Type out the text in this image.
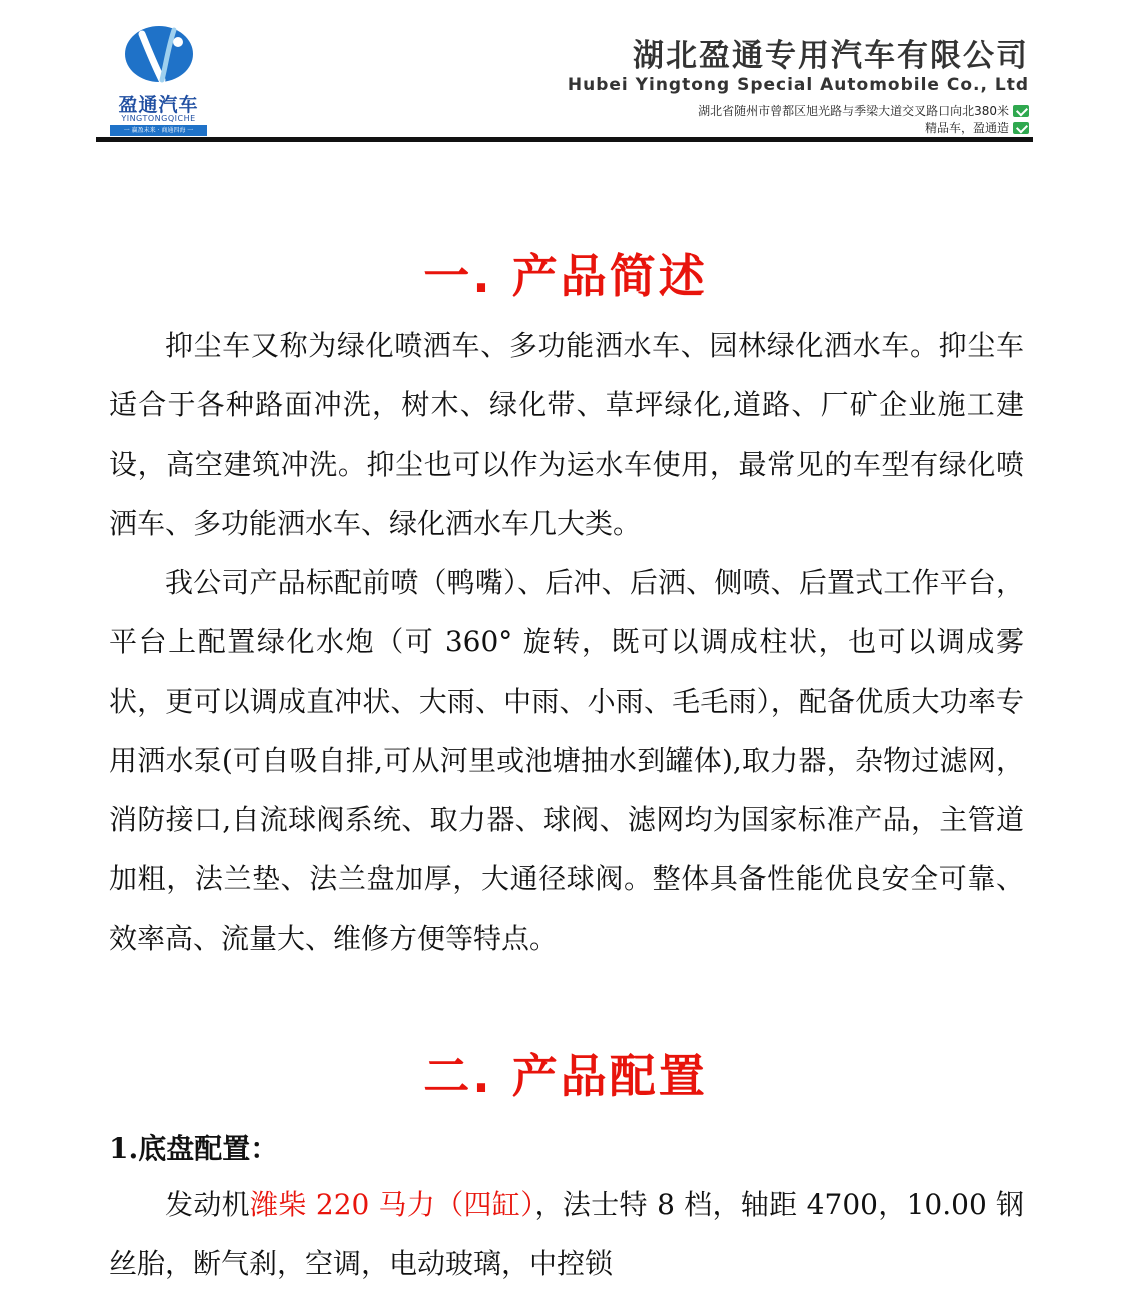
盈通汽车
YINGTONGQICHE
一 赢盈未来 · 商通四海 一
湖北盈通专用汽车有限公司
Hubei Yingtong Special Automobile Co., Ltd
湖北省随州市曾都区旭光路与季梁大道交叉路口向北380米
精品车，盈通造
一. 产品简述

抑尘车又称为绿化喷洒车、多功能洒水车、园林绿化洒水车。抑尘车适合于各种路面冲洗，树木、绿化带、草坪绿化,道路、厂矿企业施工建设，高空建筑冲洗。抑尘也可以作为运水车使用，最常见的车型有绿化喷洒车、多功能洒水车、绿化洒水车几大类。

我公司产品标配前喷（鸭嘴）、后冲、后洒、侧喷、后置式工作平台，平台上配置绿化水炮（可 360° 旋转，既可以调成柱状，也可以调成雾状，更可以调成直冲状、大雨、中雨、小雨、毛毛雨），配备优质大功率专用洒水泵(可自吸自排,可从河里或池塘抽水到罐体),取力器，杂物过滤网，消防接口,自流球阀系统、取力器、球阀、滤网均为国家标准产品，主管道加粗，法兰垫、法兰盘加厚，大通径球阀。整体具备性能优良安全可靠、效率高、流量大、维修方便等特点。

二. 产品配置
1.底盘配置：

发动机潍柴 220 马力（四缸），法士特 8 档，轴距 4700，10.00 钢丝胎，断气刹，空调，电动玻璃，中控锁
